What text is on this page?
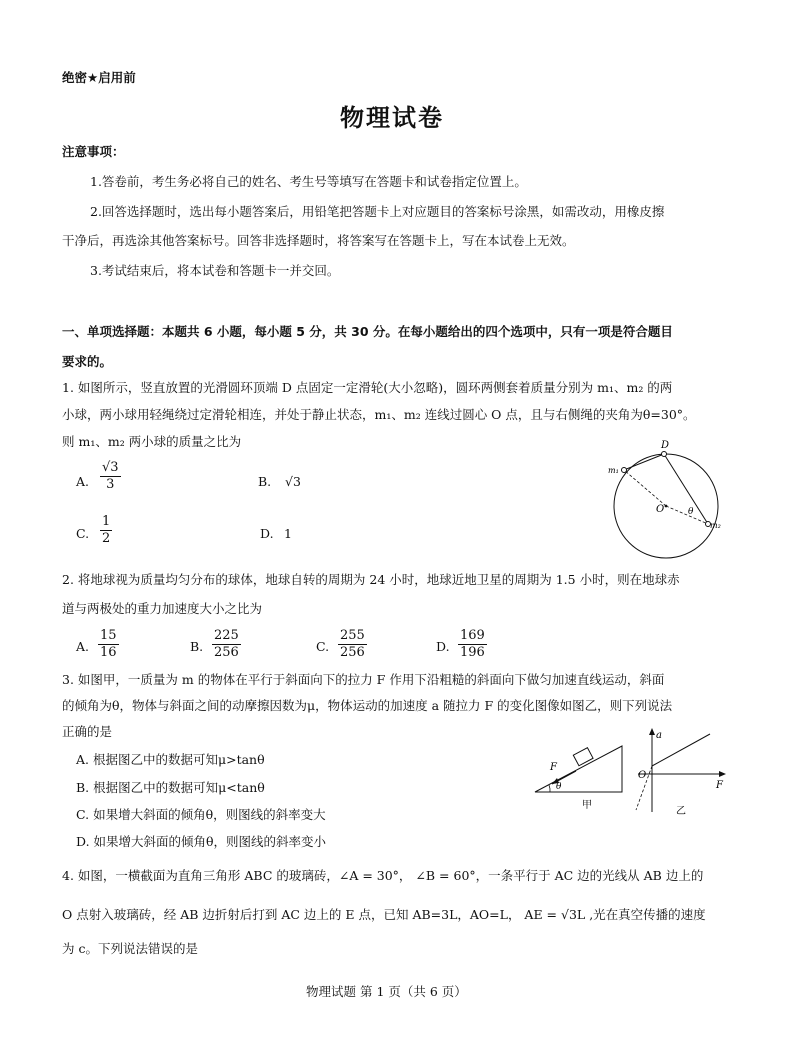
绝密★启用前
物理试卷
注意事项：
1.答卷前，考生务必将自己的姓名、考生号等填写在答题卡和试卷指定位置上。
2.回答选择题时，选出每小题答案后，用铅笔把答题卡上对应题目的答案标号涂黑，如需改动，用橡皮擦
干净后，再选涂其他答案标号。回答非选择题时，将答案写在答题卡上，写在本试卷上无效。
3.考试结束后，将本试卷和答题卡一并交回。
一、单项选择题：本题共 6 小题，每小题 5 分，共 30 分。在每小题给出的四个选项中，只有一项是符合题目
要求的。
1. 如图所示，竖直放置的光滑圆环顶端 D 点固定一定滑轮(大小忽略)，圆环两侧套着质量分别为 m₁、m₂ 的两
小球，两小球用轻绳绕过定滑轮相连，并处于静止状态，m₁、m₂ 连线过圆心 O 点，且与右侧绳的夹角为θ=30°。
则 m₁、m₂ 两小球的质量之比为
A. $\frac{√3}{3}$	B. √3
C. $\frac{1}{2}$	D. 1
D
O	θ
m₁
m₂
2. 将地球视为质量均匀分布的球体，地球自转的周期为 24 小时，地球近地卫星的周期为 1.5 小时，则在地球赤
道与两极处的重力加速度大小之比为
A. $\frac{15}{16}$	B. $\frac{225}{256}$	C. $\frac{255}{256}$	D. $\frac{169}{196}$
3. 如图甲，一质量为 m 的物体在平行于斜面向下的拉力 F 作用下沿粗糙的斜面向下做匀加速直线运动，斜面
的倾角为θ，物体与斜面之间的动摩擦因数为μ，物体运动的加速度 a 随拉力 F 的变化图像如图乙，则下列说法
正确的是
A. 根据图乙中的数据可知μ>tanθ
B. 根据图乙中的数据可知μ<tanθ
C. 如果增大斜面的倾角θ，则图线的斜率变大
D. 如果增大斜面的倾角θ，则图线的斜率变小
F
θ
甲
a
O
F
乙
4. 如图，一横截面为直角三角形 ABC 的玻璃砖，∠A = 30°， ∠B = 60°，一条平行于 AC 边的光线从 AB 边上的
O 点射入玻璃砖，经 AB 边折射后打到 AC 边上的 E 点，已知 AB=3L，AO=L， AE = √3L ,光在真空传播的速度
为 c。下列说法错误的是
物理试题 第 1 页（共 6 页）
